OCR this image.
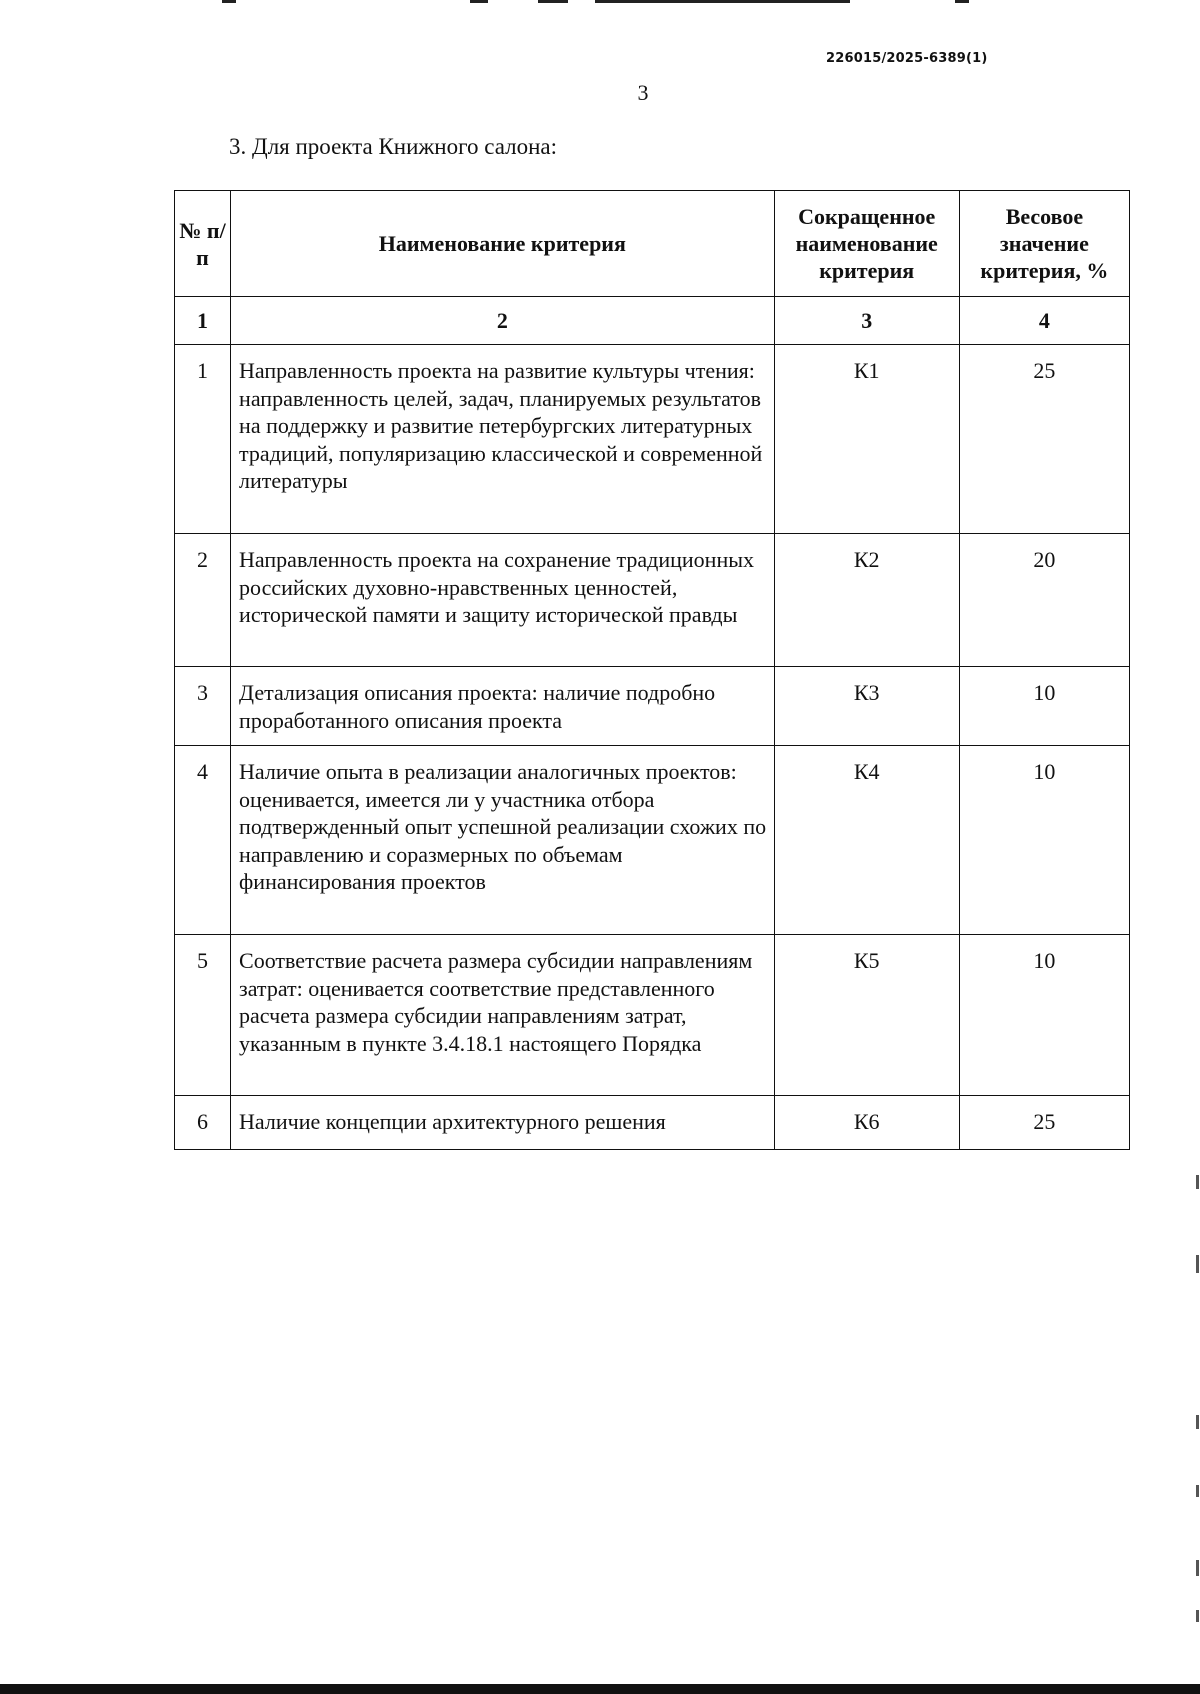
226015/2025-6389(1)
3
3. Для проекта Книжного салона:
№ п/п	Наименование критерия	Сокращенное наименование критерия	Весовое значение критерия, %
1	2	3	4
1	Направленность проекта на развитие культуры чтения: направленность целей, задач, планируемых результатов на поддержку и развитие петербургских литературных традиций, популяризацию классической и современной литературы	К1	25
2	Направленность проекта на сохранение традиционных российских духовно-нравственных ценностей, исторической памяти и защиту исторической правды	К2	20
3	Детализация описания проекта: наличие подробно проработанного описания проекта	К3	10
4	Наличие опыта в реализации аналогичных проектов: оценивается, имеется ли у участника отбора подтвержденный опыт успешной реализации схожих по направлению и соразмерных по объемам финансирования проектов	К4	10
5	Соответствие расчета размера субсидии направлениям затрат: оценивается соответствие представленного расчета размера субсидии направлениям затрат, указанным в пункте 3.4.18.1 настоящего Порядка	К5	10
6	Наличие концепции архитектурного решения	К6	25
